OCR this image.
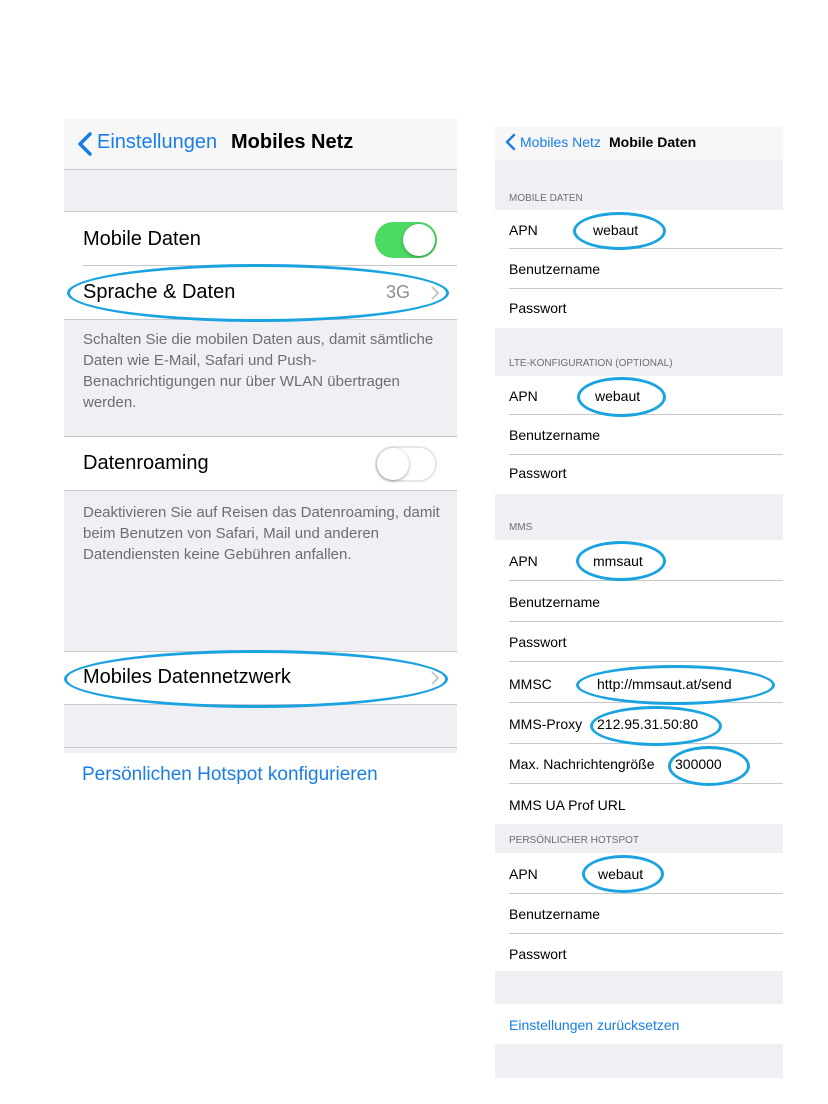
Einstellungen Mobiles Netz
Mobile Daten
Sprache & Daten	3G
Schalten Sie die mobilen Daten aus, damit sämtliche Daten wie E-Mail, Safari und Push-Benachrichtigungen nur über WLAN übertragen werden.
Datenroaming
Deaktivieren Sie auf Reisen das Datenroaming, damit beim Benutzen von Safari, Mail und anderen Datendiensten keine Gebühren anfallen.
Mobiles Datennetzwerk
Persönlichen Hotspot konfigurieren
Mobiles Netz Mobile Daten
MOBILE DATEN
APN	webaut
Benutzername
Passwort
LTE-KONFIGURATION (OPTIONAL)
APN	webaut
Benutzername
Passwort
MMS
APN	mmsaut
Benutzername
Passwort
MMSC	http://mmsaut.at/send
MMS-Proxy 212.95.31.50:80
Max. Nachrichtengröße 300000
MMS UA Prof URL
PERSÖNLICHER HOTSPOT
APN	webaut
Benutzername
Passwort
Einstellungen zurücksetzen
